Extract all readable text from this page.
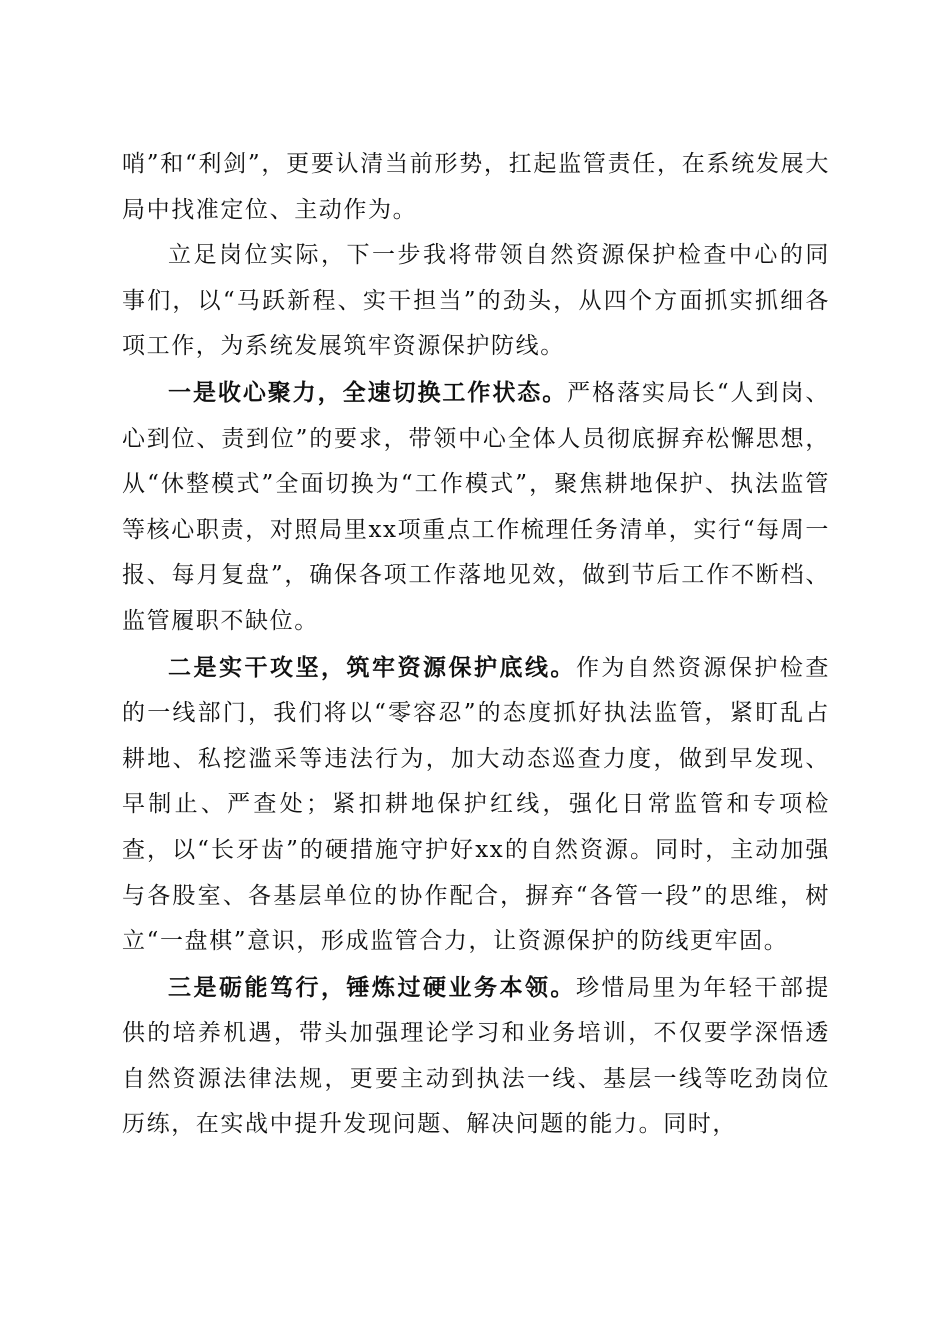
哨”和“利剑”，更要认清当前形势，扛起监管责任，在系统发展大局中找准定位、主动作为。

立足岗位实际，下一步我将带领自然资源保护检查中心的同事们，以“马跃新程、实干担当”的劲头，从四个方面抓实抓细各项工作，为系统发展筑牢资源保护防线。

一是收心聚力，全速切换工作状态。严格落实局长“人到岗、心到位、责到位”的要求，带领中心全体人员彻底摒弃松懈思想，从“休整模式”全面切换为“工作模式”，聚焦耕地保护、执法监管等核心职责，对照局里xx项重点工作梳理任务清单，实行“每周一报、每月复盘”，确保各项工作落地见效，做到节后工作不断档、监管履职不缺位。

二是实干攻坚，筑牢资源保护底线。作为自然资源保护检查的一线部门，我们将以“零容忍”的态度抓好执法监管，紧盯乱占耕地、私挖滥采等违法行为，加大动态巡查力度，做到早发现、早制止、严查处；紧扣耕地保护红线，强化日常监管和专项检查，以“长牙齿”的硬措施守护好xx的自然资源。同时，主动加强与各股室、各基层单位的协作配合，摒弃“各管一段”的思维，树立“一盘棋”意识，形成监管合力，让资源保护的防线更牢固。

三是砺能笃行，锤炼过硬业务本领。珍惜局里为年轻干部提供的培养机遇，带头加强理论学习和业务培训，不仅要学深悟透自然资源法律法规，更要主动到执法一线、基层一线等吃劲岗位历练，在实战中提升发现问题、解决问题的能力。同时，
